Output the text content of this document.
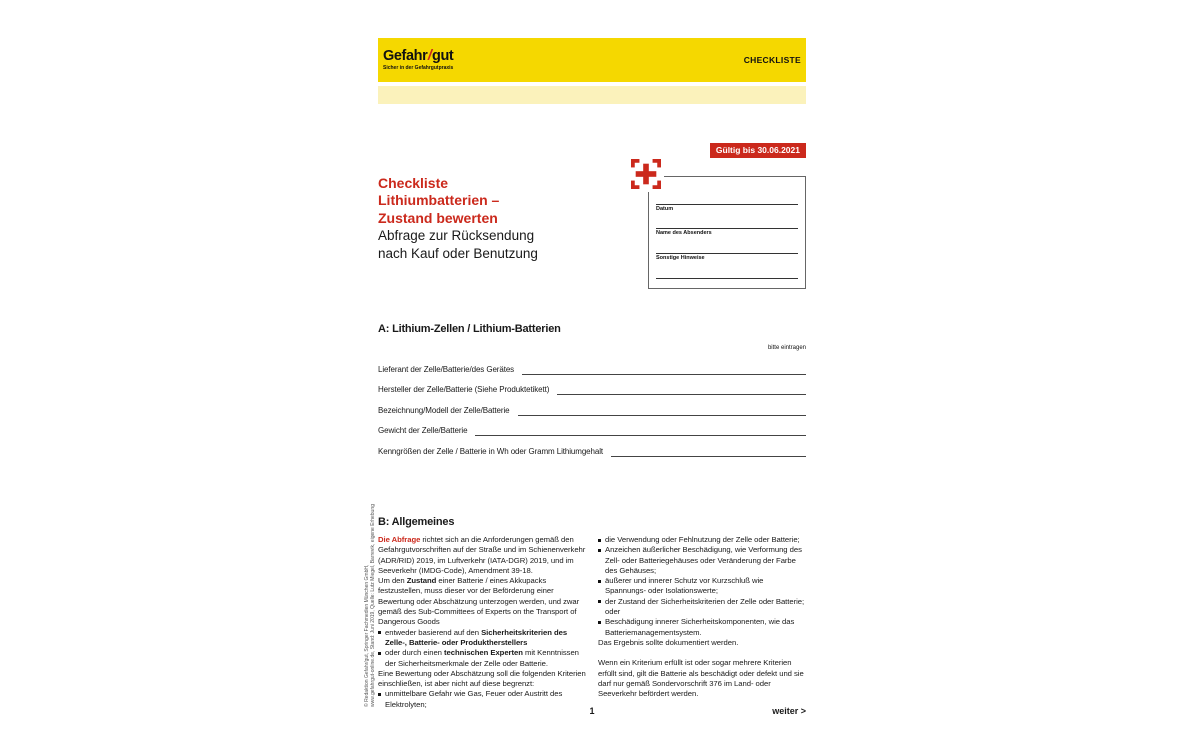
Gefahr/gut
Sicher in der Gefahrgutpraxis
CHECKLISTE
Gültig bis 30.06.2021
Checkliste
Lithiumbatterien –
Zustand bewerten
Abfrage zur Rücksendung
nach Kauf oder Benutzung
Datum
Name des Absenders
Sonstige Hinweise
A: Lithium-Zellen / Lithium-Batterien
bitte eintragen
Lieferant der Zelle/Batterie/des Gerätes
Hersteller der Zelle/Batterie (Siehe Produktetikett)
Bezeichnung/Modell der Zelle/Batterie
Gewicht der Zelle/Batterie
Kenngrößen der Zelle / Batterie in Wh oder Gramm Lithiumgehalt
B: Allgemeines

Die Abfrage richtet sich an die Anforderungen gemäß den Gefahrgutvorschriften auf der Straße und im Schienenverkehr (ADR/RID) 2019, im Luftverkehr (IATA-DGR) 2019, und im Seeverkehr (IMDG-Code), Amendment 39-18.

Um den Zustand einer Batterie / eines Akkupacks festzustellen, muss dieser vor der Beförderung einer Bewertung oder Abschätzung unterzogen werden, und zwar gemäß des Sub-Committees of Experts on the Transport of Dangerous Goods

entweder basierend auf den Sicherheitskriterien des Zelle-, Batterie- oder Produktherstellers
oder durch einen technischen Experten mit Kenntnissen der Sicherheitsmerkmale der Zelle oder Batterie.

Eine Bewertung oder Abschätzung soll die folgenden Kriterien einschließen, ist aber nicht auf diese begrenzt:

unmittelbare Gefahr wie Gas, Feuer oder Austritt des Elektrolyten;
die Verwendung oder Fehlnutzung der Zelle oder Batterie;
Anzeichen äußerlicher Beschädigung, wie Verformung des Zell- oder Batteriegehäuses oder Veränderung der Farbe des Gehäuses;
äußerer und innerer Schutz vor Kurzschluß wie Spannungs- oder Isolationswerte;
der Zustand der Sicherheitskriterien der Zelle oder Batterie; oder
Beschädigung innerer Sicherheitskomponenten, wie das Batteriemanagementsystem.

Das Ergebnis sollte dokumentiert werden.

Wenn ein Kriterium erfüllt ist oder sogar mehrere Kriterien erfüllt sind, gilt die Batterie als beschädigt oder defekt und sie darf nur gemäß Sondervorschrift 376 im Land- oder Seeverkehr befördert werden.

© Redaktion Gefahr/gut, Springer Fachmedien München GmbH, www.gefahrgut-online.de, Stand: Juni 2019, Quelle: Lutz Miegel, Barrevik, eigene Erhebung
1	weiter >
